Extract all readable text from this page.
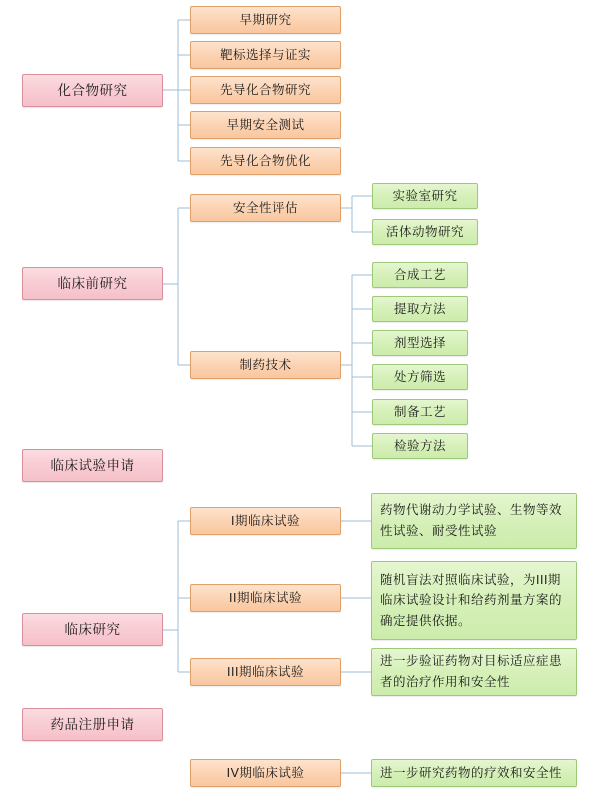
化合物研究
早期研究
靶标选择与证实
先导化合物研究
早期安全测试
先导化合物优化
临床前研究
安全性评估
实验室研究
活体动物研究
制药技术
合成工艺
提取方法
剂型选择
处方筛选
制备工艺
检验方法
临床试验申请
临床研究
I期临床试验
药物代谢动力学试验、生物等效性试验、耐受性试验
II期临床试验
随机盲法对照临床试验，为III期临床试验设计和给药剂量方案的确定提供依据。
III期临床试验
进一步验证药物对目标适应症患者的治疗作用和安全性
药品注册申请
IV期临床试验	进一步研究药物的疗效和安全性
